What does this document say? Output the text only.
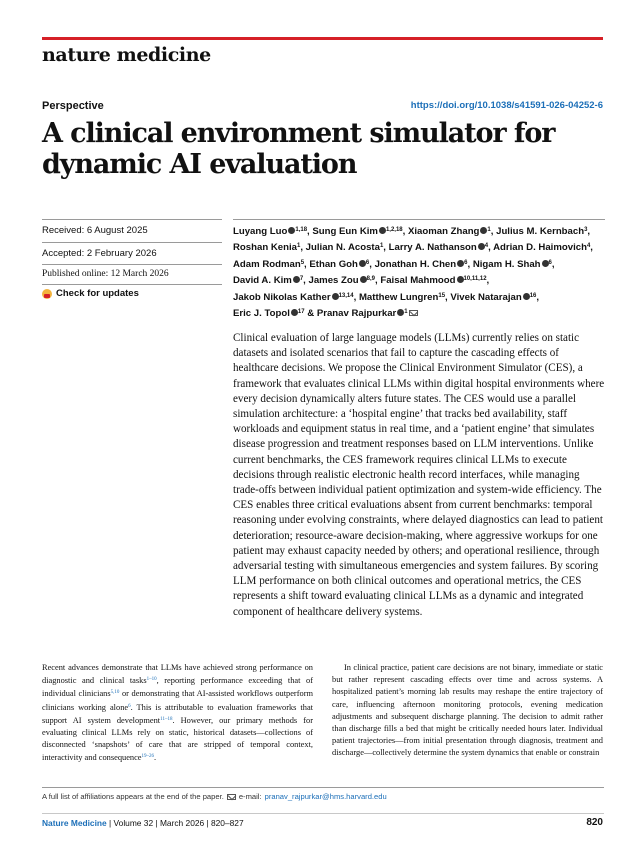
nature medicine
Perspective	https://doi.org/10.1038/s41591-026-04252-6
A clinical environment simulator for dynamic AI evaluation
Received: 6 August 2025
Accepted: 2 February 2026
Published online: 12 March 2026
Check for updates
Luyang Luo $^{1,18}$, Sung Eun Kim $^{1,2,18}$, Xiaoman Zhang $^1$, Julius M. Kernbach$^3$, Roshan Kenia$^1$, Julian N. Acosta$^1$, Larry A. Nathanson $^4$, Adrian D. Haimovich$^4$, Adam Rodman$^5$, Ethan Goh $^6$, Jonathan H. Chen $^6$, Nigam H. Shah $^6$, David A. Kim $^7$, James Zou $^{8,9}$, Faisal Mahmood $^{10,11,12}$, Jakob Nikolas Kather $^{13,14}$, Matthew Lungren$^{15}$, Vivek Natarajan $^{16}$, Eric J. Topol $^{17}$ & Pranav Rajpurkar $^1$
Clinical evaluation of large language models (LLMs) currently relies on static datasets and isolated scenarios that fail to capture the cascading effects of healthcare decisions. We propose the Clinical Environment Simulator (CES), a framework that evaluates clinical LLMs within digital hospital environments where every decision dynamically alters future states. The CES would use a parallel simulation architecture: a ‘hospital engine’ that tracks bed availability, staff workloads and equipment status in real time, and a ‘patient engine’ that simulates disease progression and treatment responses based on LLM interventions. Unlike current benchmarks, the CES framework requires clinical LLMs to execute decisions through realistic electronic health record interfaces, while managing trade-offs between individual patient optimization and system-wide efficiency. The CES enables three critical evaluations absent from current benchmarks: temporal reasoning under evolving constraints, where delayed diagnostics can lead to patient deterioration; resource-aware decision-making, where aggressive workups for one patient may exhaust capacity needed by others; and operational resilience, through adversarial testing with simultaneous emergencies and system failures. By scoring LLM performance on both clinical outcomes and operational metrics, the CES represents a shift toward evaluating clinical LLMs as a dynamic and integrated component of healthcare delivery systems.
Recent advances demonstrate that LLMs have achieved strong performance on diagnostic and clinical tasks$^{1-10}$, reporting performance exceeding that of individual clinicians$^{5,10}$ or demonstrating that AI-assisted workflows outperform clinicians working alone$^6$. This is attributable to evaluation frameworks that support AI system development$^{11-18}$. However, our primary methods for evaluating clinical LLMs rely on static, historical datasets—collections of disconnected ‘snapshots’ of care that are stripped of temporal context, interactivity and consequence$^{19-26}$.
In clinical practice, patient care decisions are not binary, immediate or static but rather represent cascading effects over time and across systems. A hospitalized patient’s morning lab results may reshape the entire trajectory of care, influencing afternoon monitoring protocols, evening medication adjustments and subsequent discharge planning. The decision to admit rather than discharge fills a bed that might be critically needed hours later. Individual patient trajectories—from initial presentation through diagnosis, treatment and discharge—collectively determine the system dynamics that enable or constrain
A full list of affiliations appears at the end of the paper. e-mail: pranav_rajpurkar@hms.harvard.edu
Nature Medicine | Volume 32 | March 2026 | 820–827	820
